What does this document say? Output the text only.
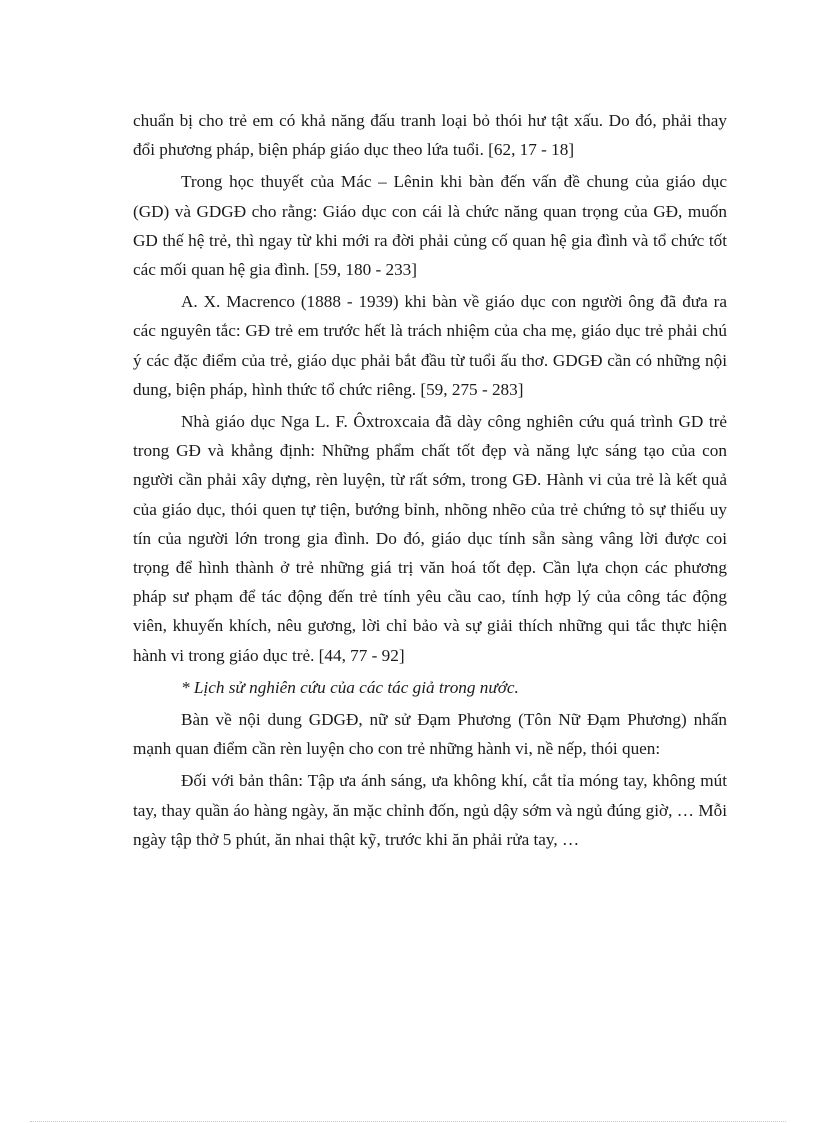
chuẩn bị cho trẻ em có khả năng đấu tranh loại bỏ thói hư tật xấu. Do đó, phải thay đổi phương pháp, biện pháp giáo dục theo lứa tuổi. [62, 17 - 18]

Trong học thuyết của Mác – Lênin khi bàn đến vấn đề chung của giáo dục (GD) và GDGĐ cho rằng: Giáo dục con cái là chức năng quan trọng của GĐ, muốn GD thế hệ trẻ, thì ngay từ khi mới ra đời phải củng cố quan hệ gia đình và tổ chức tốt các mối quan hệ gia đình. [59, 180 - 233]

A. X. Macrenco (1888 - 1939) khi bàn về giáo dục con người ông đã đưa ra các nguyên tắc: GĐ trẻ em trước hết là trách nhiệm của cha mẹ, giáo dục trẻ phải chú ý các đặc điểm của trẻ, giáo dục phải bắt đầu từ tuổi ấu thơ. GDGĐ cần có những nội dung, biện pháp, hình thức tổ chức riêng. [59, 275 - 283]

Nhà giáo dục Nga L. F. Ôxtroxcaia đã dày công nghiên cứu quá trình GD trẻ trong GĐ và khẳng định: Những phẩm chất tốt đẹp và năng lực sáng tạo của con người cần phải xây dựng, rèn luyện, từ rất sớm, trong GĐ. Hành vi của trẻ là kết quả của giáo dục, thói quen tự tiện, bướng bỉnh, nhõng nhẽo của trẻ chứng tỏ sự thiếu uy tín của người lớn trong gia đình. Do đó, giáo dục tính sẵn sàng vâng lời được coi trọng để hình thành ở trẻ những giá trị văn hoá tốt đẹp. Cần lựa chọn các phương pháp sư phạm để tác động đến trẻ tính yêu cầu cao, tính hợp lý của công tác động viên, khuyến khích, nêu gương, lời chỉ bảo và sự giải thích những qui tắc thực hiện hành vi trong giáo dục trẻ. [44, 77 - 92]

* Lịch sử nghiên cứu của các tác giả trong nước.

Bàn về nội dung GDGĐ, nữ sử Đạm Phương (Tôn Nữ Đạm Phương) nhấn mạnh quan điểm cần rèn luyện cho con trẻ những hành vi, nề nếp, thói quen:

Đối với bản thân: Tập ưa ánh sáng, ưa không khí, cắt tỉa móng tay, không mút tay, thay quần áo hàng ngày, ăn mặc chỉnh đốn, ngủ dậy sớm và ngủ đúng giờ, … Mỗi ngày tập thở 5 phút, ăn nhai thật kỹ, trước khi ăn phải rửa tay, …
